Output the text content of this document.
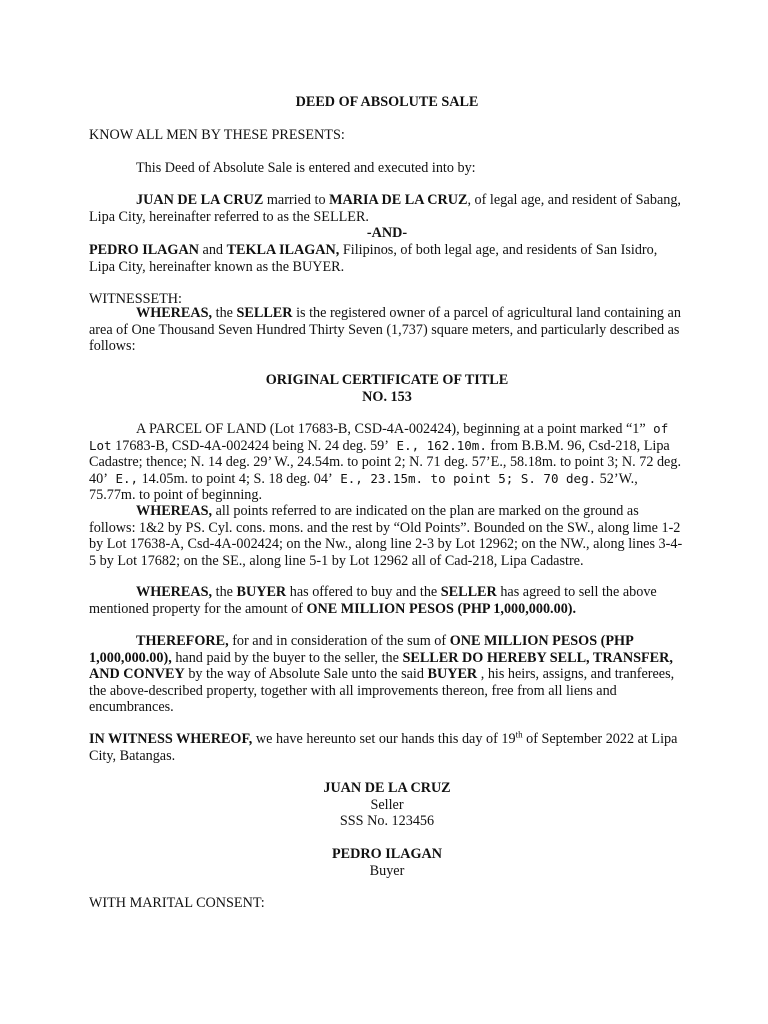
DEED OF ABSOLUTE SALE
KNOW ALL MEN BY THESE PRESENTS:
This Deed of Absolute Sale is entered and executed into by:

JUAN DE LA CRUZ married to MARIA DE LA CRUZ, of legal age, and resident of Sabang, Lipa City, hereinafter referred to as the SELLER.

-AND-

PEDRO ILAGAN and TEKLA ILAGAN, Filipinos, of both legal age, and residents of San Isidro, Lipa City, hereinafter known as the BUYER.

WITNESSETH:

WHEREAS, the SELLER is the registered owner of a parcel of agricultural land containing an area of One Thousand Seven Hundred Thirty Seven (1,737) square meters, and particularly described as follows:

ORIGINAL CERTIFICATE OF TITLE
NO. 153

A PARCEL OF LAND (Lot 17683-B, CSD-4A-002424), beginning at a point marked “1” of Lot 17683-B, CSD-4A-002424 being N. 24 deg. 59’ E., 162.10m. from B.B.M. 96, Csd-218, Lipa Cadastre; thence; N. 14 deg. 29’ W., 24.54m. to point 2; N. 71 deg. 57’E., 58.18m. to point 3; N. 72 deg. 40’ E., 14.05m. to point 4; S. 18 deg. 04’ E., 23.15m. to point 5; S. 70 deg. 52’W., 75.77m. to point of beginning.

WHEREAS, all points referred to are indicated on the plan are marked on the ground as follows: 1&2 by PS. Cyl. cons. mons. and the rest by “Old Points”. Bounded on the SW., along lime 1-2 by Lot 17638-A, Csd-4A-002424; on the Nw., along line 2-3 by Lot 12962; on the NW., along lines 3-4-5 by Lot 17682; on the SE., along line 5-1 by Lot 12962 all of Cad-218, Lipa Cadastre.

WHEREAS, the BUYER has offered to buy and the SELLER has agreed to sell the above mentioned property for the amount of ONE MILLION PESOS (PHP 1,000,000.00).

THEREFORE, for and in consideration of the sum of ONE MILLION PESOS (PHP 1,000,000.00), hand paid by the buyer to the seller, the SELLER DO HEREBY SELL, TRANSFER, AND CONVEY by the way of Absolute Sale unto the said BUYER , his heirs, assigns, and tranferees, the above-described property, together with all improvements thereon, free from all liens and encumbrances.

IN WITNESS WHEREOF, we have hereunto set our hands this day of 19th of September 2022 at Lipa City, Batangas.

JUAN DE LA CRUZ
Seller
SSS No. 123456
PEDRO ILAGAN
Buyer
WITH MARITAL CONSENT:
